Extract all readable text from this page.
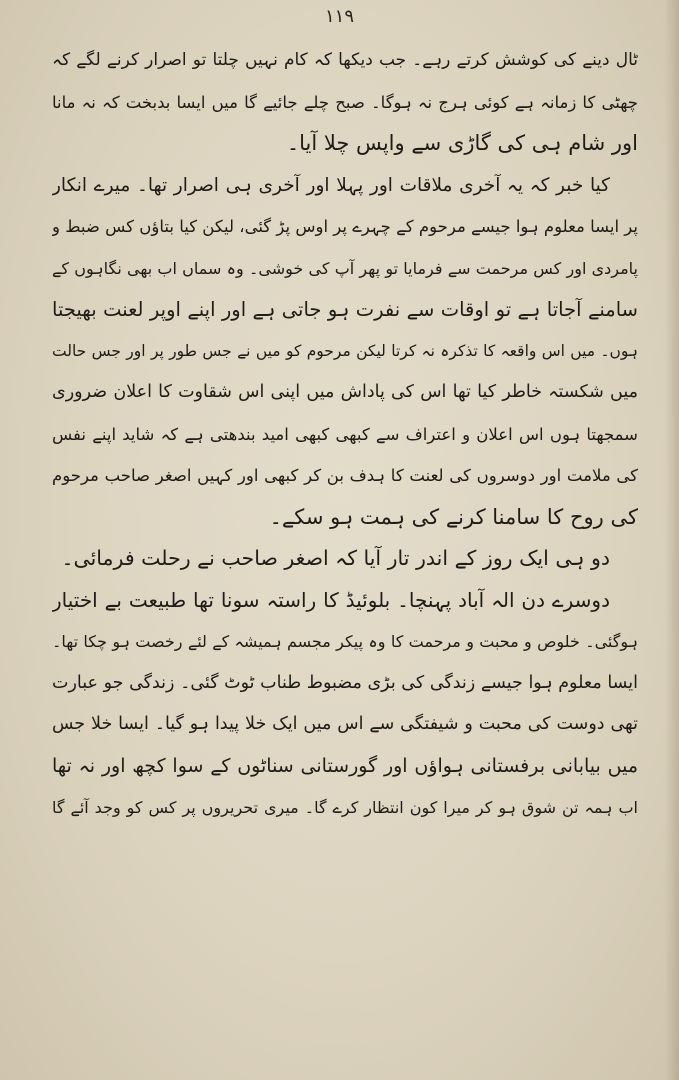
۱۱۹
ٹال دینے کی کوشش کرتے رہے۔ جب دیکھا کہ کام نہیں چلتا تو اصرار کرنے لگے کہ
چھٹی کا زمانہ ہے کوئی ہرج نہ ہوگا۔ صبح چلے جائیے گا میں ایسا بدبخت کہ نہ مانا
اور شام ہی کی گاڑی سے واپس چلا آیا۔
کیا خبر کہ یہ آخری ملاقات اور پہلا اور آخری ہی اصرار تھا۔ میرے انکار
پر ایسا معلوم ہوا جیسے مرحوم کے چہرے پر اوس پڑ گئی، لیکن کیا بتاؤں کس ضبط و
پامردی اور کس مرحمت سے فرمایا تو پھر آپ کی خوشی۔ وہ سماں اب بھی نگاہوں کے
سامنے آجاتا ہے تو اوقات سے نفرت ہو جاتی ہے اور اپنے اوپر لعنت بھیجتا
ہوں۔ میں اس واقعہ کا تذکرہ نہ کرتا لیکن مرحوم کو میں نے جس طور پر اور جس حالت
میں شکستہ خاطر کیا تھا اس کی پاداش میں اپنی اس شقاوت کا اعلان ضروری
سمجھتا ہوں اس اعلان و اعتراف سے کبھی کبھی امید بندھتی ہے کہ شاید اپنے نفس
کی ملامت اور دوسروں کی لعنت کا ہدف بن کر کبھی اور کہیں اصغر صاحب مرحوم
کی روح کا سامنا کرنے کی ہمت ہو سکے۔
دو ہی ایک روز کے اندر تار آیا کہ اصغر صاحب نے رحلت فرمائی۔
دوسرے دن الہ آباد پہنچا۔ بلوئیڈ کا راستہ سونا تھا طبیعت بے اختیار
ہوگئی۔ خلوص و محبت و مرحمت کا وہ پیکر مجسم ہمیشہ کے لئے رخصت ہو چکا تھا۔
ایسا معلوم ہوا جیسے زندگی کی بڑی مضبوط طناب ٹوٹ گئی۔ زندگی جو عبارت
تھی دوست کی محبت و شیفتگی سے اس میں ایک خلا پیدا ہو گیا۔ ایسا خلا جس
میں بیابانی برفستانی ہواؤں اور گورستانی سناٹوں کے سوا کچھ اور نہ تھا
اب ہمہ تن شوق ہو کر میرا کون انتظار کرے گا۔ میری تحریروں پر کس کو وجد آئے گا
